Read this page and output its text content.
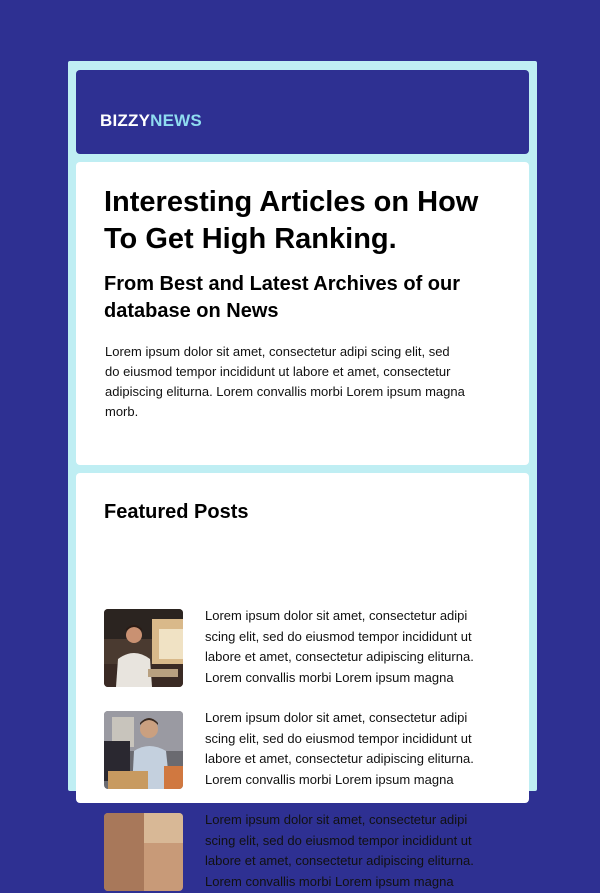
BIZZYNEWS
Interesting Articles on How To Get High Ranking.
From Best and Latest Archives of our database on News

Lorem ipsum dolor sit amet, consectetur adipi scing elit, sed do eiusmod tempor incididunt ut labore et amet, consectetur adipiscing eliturna. Lorem convallis morbi Lorem ipsum magna morb.

Featured Posts

Lorem ipsum dolor sit amet, consectetur adipi scing elit, sed do eiusmod tempor incididunt ut labore et amet, consectetur adipiscing eliturna. Lorem convallis morbi Lorem ipsum magna

Lorem ipsum dolor sit amet, consectetur adipi scing elit, sed do eiusmod tempor incididunt ut labore et amet, consectetur adipiscing eliturna. Lorem convallis morbi Lorem ipsum magna

Lorem ipsum dolor sit amet, consectetur adipi scing elit, sed do eiusmod tempor incididunt ut labore et amet, consectetur adipiscing eliturna. Lorem convallis morbi Lorem ipsum magna
